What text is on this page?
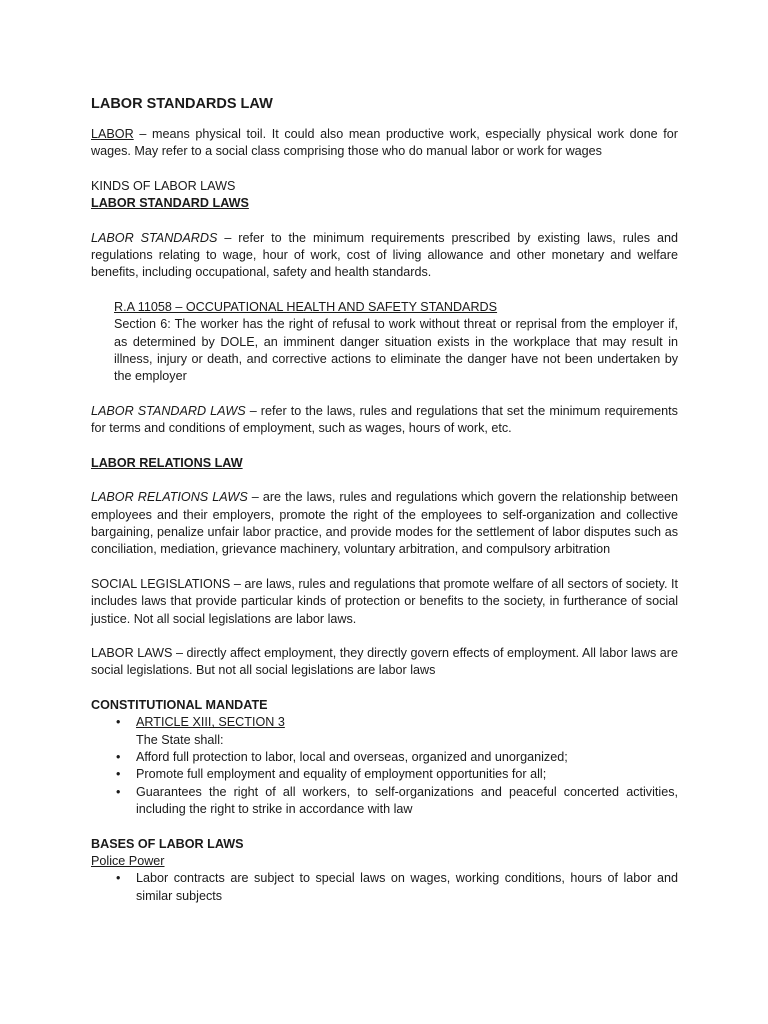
LABOR STANDARDS LAW

LABOR – means physical toil. It could also mean productive work, especially physical work done for wages. May refer to a social class comprising those who do manual labor or work for wages

KINDS OF LABOR LAWS

LABOR STANDARD LAWS

LABOR STANDARDS – refer to the minimum requirements prescribed by existing laws, rules and regulations relating to wage, hour of work, cost of living allowance and other monetary and welfare benefits, including occupational, safety and health standards.

R.A 11058 – OCCUPATIONAL HEALTH AND SAFETY STANDARDS

Section 6: The worker has the right of refusal to work without threat or reprisal from the employer if, as determined by DOLE, an imminent danger situation exists in the workplace that may result in illness, injury or death, and corrective actions to eliminate the danger have not been undertaken by the employer

LABOR STANDARD LAWS – refer to the laws, rules and regulations that set the minimum requirements for terms and conditions of employment, such as wages, hours of work, etc.

LABOR RELATIONS LAW

LABOR RELATIONS LAWS – are the laws, rules and regulations which govern the relationship between employees and their employers, promote the right of the employees to self-organization and collective bargaining, penalize unfair labor practice, and provide modes for the settlement of labor disputes such as conciliation, mediation, grievance machinery, voluntary arbitration, and compulsory arbitration

SOCIAL LEGISLATIONS – are laws, rules and regulations that promote welfare of all sectors of society. It includes laws that provide particular kinds of protection or benefits to the society, in furtherance of social justice. Not all social legislations are labor laws.

LABOR LAWS – directly affect employment, they directly govern effects of employment. All labor laws are social legislations. But not all social legislations are labor laws

CONSTITUTIONAL MANDATE

• ARTICLE XIII, SECTION 3
The State shall:
• Afford full protection to labor, local and overseas, organized and unorganized;
• Promote full employment and equality of employment opportunities for all;
• Guarantees the right of all workers, to self-organizations and peaceful concerted activities, including the right to strike in accordance with law

BASES OF LABOR LAWS

Police Power

• Labor contracts are subject to special laws on wages, working conditions, hours of labor and similar subjects
